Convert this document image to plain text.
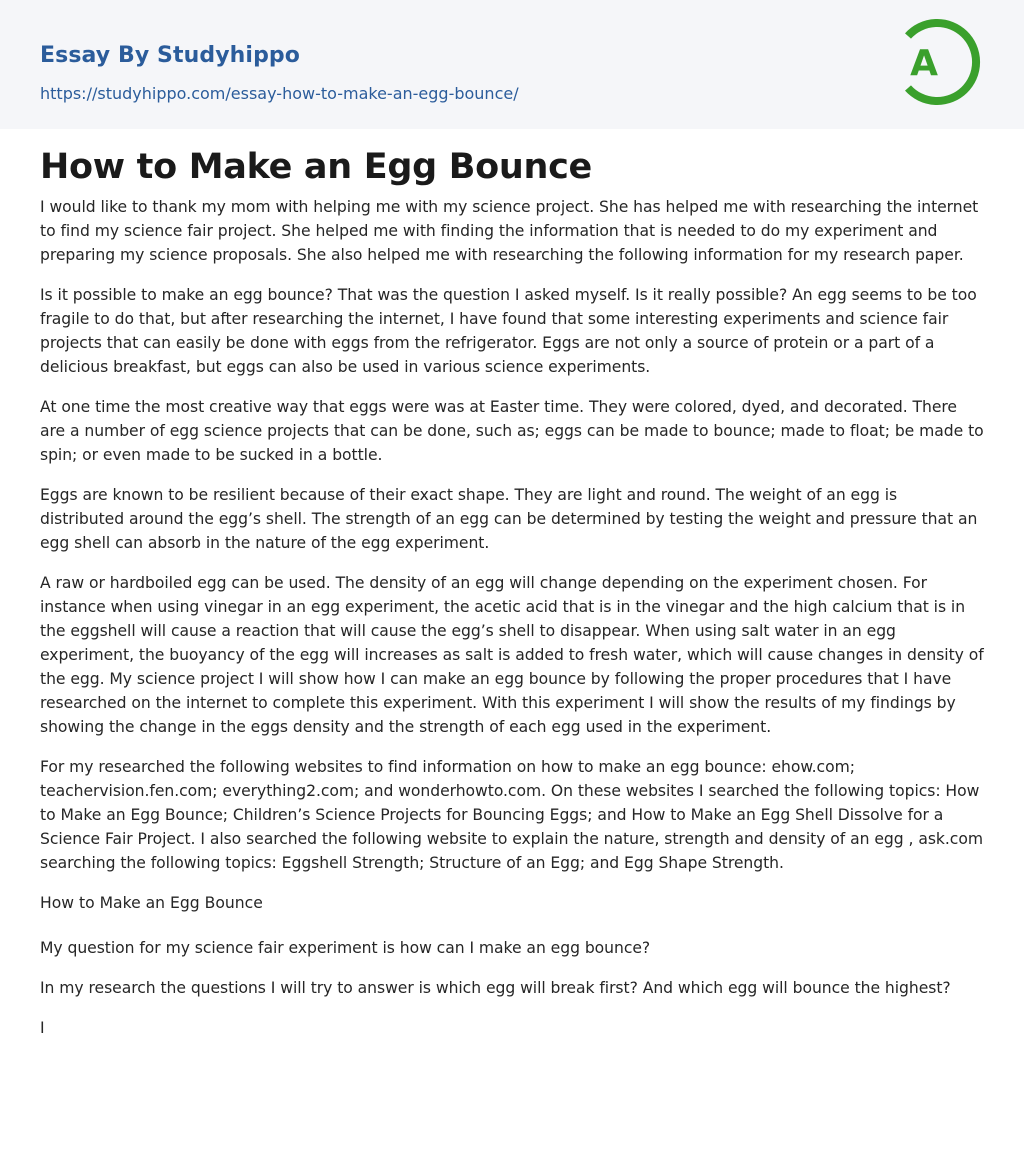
Essay By Studyhippo
https://studyhippo.com/essay-how-to-make-an-egg-bounce/
A
How to Make an Egg Bounce

I would like to thank my mom with helping me with my science project. She has helped me with researching the internet to find my science fair project. She helped me with finding the information that is needed to do my experiment and preparing my science proposals. She also helped me with researching the following information for my research paper.

Is it possible to make an egg bounce? That was the question I asked myself. Is it really possible? An egg seems to be too fragile to do that, but after researching the internet, I have found that some interesting experiments and science fair projects that can easily be done with eggs from the refrigerator. Eggs are not only a source of protein or a part of a delicious breakfast, but eggs can also be used in various science experiments.

At one time the most creative way that eggs were was at Easter time. They were colored, dyed, and decorated. There are a number of egg science projects that can be done, such as; eggs can be made to bounce; made to float; be made to spin; or even made to be sucked in a bottle.

Eggs are known to be resilient because of their exact shape. They are light and round. The weight of an egg is distributed around the egg’s shell. The strength of an egg can be determined by testing the weight and pressure that an egg shell can absorb in the nature of the egg experiment.

A raw or hardboiled egg can be used. The density of an egg will change depending on the experiment chosen. For instance when using vinegar in an egg experiment, the acetic acid that is in the vinegar and the high calcium that is in the eggshell will cause a reaction that will cause the egg’s shell to disappear. When using salt water in an egg experiment, the buoyancy of the egg will increases as salt is added to fresh water, which will cause changes in density of the egg. My science project I will show how I can make an egg bounce by following the proper procedures that I have researched on the internet to complete this experiment. With this experiment I will show the results of my findings by showing the change in the eggs density and the strength of each egg used in the experiment.

For my researched the following websites to find information on how to make an egg bounce: ehow.com; teachervision.fen.com; everything2.com; and wonderhowto.com. On these websites I searched the following topics: How to Make an Egg Bounce; Children’s Science Projects for Bouncing Eggs; and How to Make an Egg Shell Dissolve for a Science Fair Project. I also searched the following website to explain the nature, strength and density of an egg , ask.com searching the following topics: Eggshell Strength; Structure of an Egg; and Egg Shape Strength.

How to Make an Egg Bounce

My question for my science fair experiment is how can I make an egg bounce?

In my research the questions I will try to answer is which egg will break first? And which egg will bounce the highest?

I
